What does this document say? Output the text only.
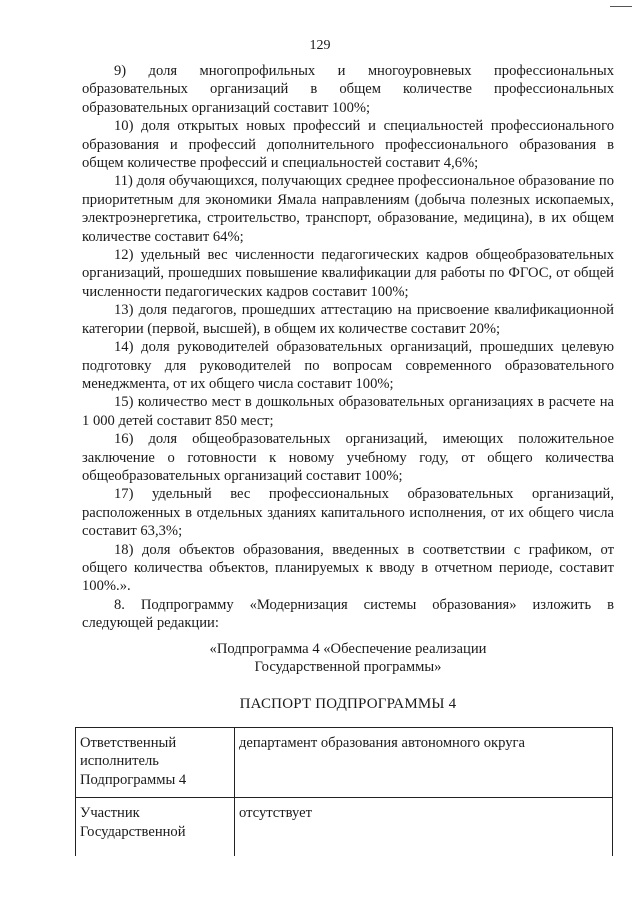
129

9) доля многопрофильных и многоуровневых профессиональных образовательных организаций в общем количестве профессиональных образовательных организаций составит 100%;

10) доля открытых новых профессий и специальностей профессионального образования и профессий дополнительного профессионального образования в общем количестве профессий и специальностей составит 4,6%;

11) доля обучающихся, получающих среднее профессиональное образование по приоритетным для экономики Ямала направлениям (добыча полезных ископаемых, электроэнергетика, строительство, транспорт, образование, медицина), в их общем количестве составит 64%;

12) удельный вес численности педагогических кадров общеобразовательных организаций, прошедших повышение квалификации для работы по ФГОС, от общей численности педагогических кадров составит 100%;

13) доля педагогов, прошедших аттестацию на присвоение квалификационной категории (первой, высшей), в общем их количестве составит 20%;

14) доля руководителей образовательных организаций, прошедших целевую подготовку для руководителей по вопросам современного образовательного менеджмента, от их общего числа составит 100%;

15) количество мест в дошкольных образовательных организациях в расчете на 1 000 детей составит 850 мест;

16) доля общеобразовательных организаций, имеющих положительное заключение о готовности к новому учебному году, от общего количества общеобразовательных организаций составит 100%;

17) удельный вес профессиональных образовательных организаций, расположенных в отдельных зданиях капитального исполнения, от их общего числа составит 63,3%;

18) доля объектов образования, введенных в соответствии с графиком, от общего количества объектов, планируемых к вводу в отчетном периоде, составит 100%.».

8. Подпрограмму «Модернизация системы образования» изложить в следующей редакции:

«Подпрограмма 4 «Обеспечение реализации
Государственной программы»
ПАСПОРТ ПОДПРОГРАММЫ 4
Ответственный исполнитель Подпрограммы 4	департамент образования автономного округа
Участник Государственной	отсутствует
